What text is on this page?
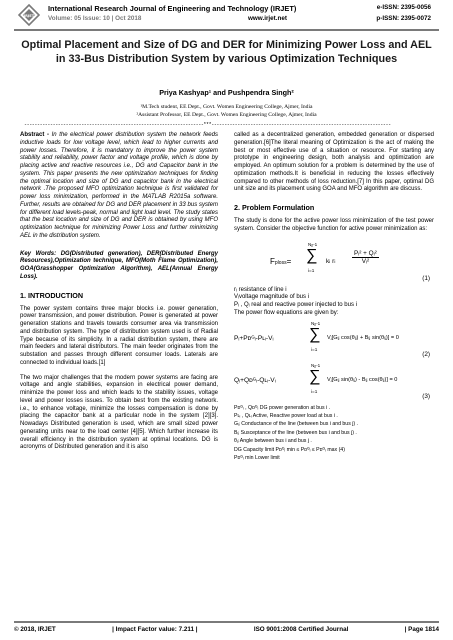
IRJET
International Research Journal of Engineering and Technology (IRJET)
Volume: 05 Issue: 10 | Oct 2018	www.irjet.net
e-ISSN: 2395-0056
p-ISSN: 2395-0072
Optimal Placement and Size of DG and DER for Minimizing Power Loss and AEL in 33-Bus Distribution System by various Optimization Techniques
Priya Kashyap¹ and Pushpendra Singh²
¹M.Tech student, EE Dept., Govt. Women Engineering College, Ajmer, India
²Assistant Professor, EE Dept., Govt. Women Engineering College, Ajmer, India
---------------------------------------------------------------------***---------------------------------------------------------------------
Abstract - In the electrical power distribution system the network feeds inductive loads for low voltage level, which lead to higher currents and power losses. Therefore, it is mandatory to improve the power system stability and reliability, power factor and voltage profile, which is done by placing active and reactive resources i.e., DG and Capacitor bank in the system. This paper presents the new optimization techniques for finding the optimal location and size of DG and capacitor bank in the electrical network .The proposed MFO optimization technique is first validated for power loss minimization, performed in the MATLAB R2015a software. Further, results are obtained for DG and DER placement in 33 bus system for different load levels-peak, normal and light load level. The study states that the best location and size of DG and DER is obtained by using MFO optimization technique for minimizing Power Loss and further minimizing AEL in the distribution system.
Key Words: DG(Distributed generation), DER(Distributed Energy Resources),Optimization technique, MFO(Moth Flame Optimization), GOA(Grasshopper Optimization Algorithm), AEL(Annual Energy Loss).
1. INTRODUCTION

The power system contains three major blocks i.e. power generation, power transmission, and power distribution. Power is generated at power generation stations and travels towards consumer area via transmission and distribution system. The type of distribution system used is of Radial Type because of its simplicity. In a radial distribution system, there are main feeders and lateral distributors. The main feeder originates from the substation and passes through different consumer loads. Laterals are connected to individual loads.[1]

The two major challenges that the modern power systems are facing are voltage and angle stabilities, expansion in electrical power demand, minimize the power loss and which leads to the stability issues, voltage level and power losses issues. To obtain best from the existing network. i.e., to enhance voltage, minimize the losses compensation is done by placing the capacitor bank at a particular node in the system [2][3]. Nowadays Distributed generation is used, which are small sized power generating units near to the load center [4][5]. Which further increase its overall efficiency in the distribution system at optimal locations. DG is acronyms of Distributed generation and it is also

called as a decentralized generation, embedded generation or dispersed generation.[6]The literal meaning of Optimization is the act of making the best or most effective use of a situation or resource. For starting any prototype in engineering design, both analysis and optimization are employed. An optimum solution for a problem is determined by the use of optimization methods.It is beneficial in reducing the losses effectively compared to other methods of loss reduction.[7] In this paper, optimal DG unit size and its placement using GOA and MFO algorithm are discuss.

2. Problem Formulation

The study is done for the active power loss minimization of the test power system. Consider the objective function for active power minimization as:

Fploss=
Nᵦ-1
∑
i=1
ki ri	$\frac{\text{Pᵢ² + Qᵢ²}}{\text{Vᵢ²}}$
(1)
rᵢ resistance of line i
Vᵢvoltage magnitude of bus i
Pᵢ , Qᵢ real and reactive power injected to bus i
The power flow equations are given by:
Pᵢ+Pᴅᴳᵢ-Pʟᵢ-Vᵢ
Nᵦ-1
∑
i=1
Vⱼ[Gᵢⱼ cos(θᵢⱼ) + Bᵢⱼ sin(θᵢⱼ)] = 0
(2)
Qᵢ+Qᴅᴳᵢ-Qʟᵢ-Vᵢ
Nᵦ-1
∑
i=1
Vⱼ[Gᵢⱼ sin(θᵢⱼ) - Bᵢⱼ cos(θᵢⱼ)] = 0
(3)
Pᴅᴳᵢ , Qᴅᴳᵢ DG power generation at bus i .
Pʟᵢ , Qʟᵢ Active, Reactive power load at bus i .
Gᵢⱼ Conductance of the line (between bus i and bus j) .
Bᵢⱼ Susceptance of the line (between bus i and bus j) .
θᵢⱼ Angle between bus i and bus j .
DG Capacity limit Pᴅᴳᵢ min ≤ Pᴅᴳᵢ ≤ Pᴅᴳᵢ max (4)
Pᴅᴳᵢ min Lower limit
© 2018, IRJET	| Impact Factor value: 7.211 |	ISO 9001:2008 Certified Journal	| Page 1814
